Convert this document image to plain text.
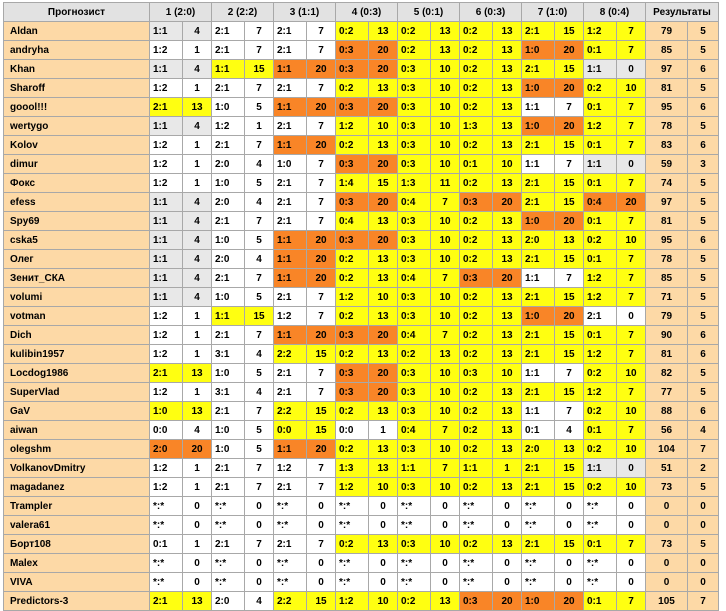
Прогнозист	1 (2:0)		2 (2:2)		3 (1:1)		4 (0:3)		5 (0:1)		6 (0:3)		7 (1:0)		8 (0:4)		Результаты	
Aldan	1:1	4	2:1	7	2:1	7	0:2	13	0:2	13	0:2	13	2:1	15	1:2	7	79	5
andryha	1:2	1	2:1	7	2:1	7	0:3	20	0:2	13	0:2	13	1:0	20	0:1	7	85	5
Khan	1:1	4	1:1	15	1:1	20	0:3	20	0:3	10	0:2	13	2:1	15	1:1	0	97	6
Sharoff	1:2	1	2:1	7	2:1	7	0:2	13	0:3	10	0:2	13	1:0	20	0:2	10	81	5
goool!!!	2:1	13	1:0	5	1:1	20	0:3	20	0:3	10	0:2	13	1:1	7	0:1	7	95	6
wertygo	1:1	4	1:2	1	2:1	7	1:2	10	0:3	10	1:3	13	1:0	20	1:2	7	78	5
Kolov	1:2	1	2:1	7	1:1	20	0:2	13	0:3	10	0:2	13	2:1	15	0:1	7	83	6
dimur	1:2	1	2:0	4	1:0	7	0:3	20	0:3	10	0:1	10	1:1	7	1:1	0	59	3
Фокс	1:2	1	1:0	5	2:1	7	1:4	15	1:3	11	0:2	13	2:1	15	0:1	7	74	5
efess	1:1	4	2:0	4	2:1	7	0:3	20	0:4	7	0:3	20	2:1	15	0:4	20	97	5
Spy69	1:1	4	2:1	7	2:1	7	0:4	13	0:3	10	0:2	13	1:0	20	0:1	7	81	5
cska5	1:1	4	1:0	5	1:1	20	0:3	20	0:3	10	0:2	13	2:0	13	0:2	10	95	6
Олег	1:1	4	2:0	4	1:1	20	0:2	13	0:3	10	0:2	13	2:1	15	0:1	7	78	5
Зенит_СКА	1:1	4	2:1	7	1:1	20	0:2	13	0:4	7	0:3	20	1:1	7	1:2	7	85	5
volumi	1:1	4	1:0	5	2:1	7	1:2	10	0:3	10	0:2	13	2:1	15	1:2	7	71	5
votman	1:2	1	1:1	15	1:2	7	0:2	13	0:3	10	0:2	13	1:0	20	2:1	0	79	5
Dich	1:2	1	2:1	7	1:1	20	0:3	20	0:4	7	0:2	13	2:1	15	0:1	7	90	6
kulibin1957	1:2	1	3:1	4	2:2	15	0:2	13	0:2	13	0:2	13	2:1	15	1:2	7	81	6
Locdog1986	2:1	13	1:0	5	2:1	7	0:3	20	0:3	10	0:3	10	1:1	7	0:2	10	82	5
SuperVlad	1:2	1	3:1	4	2:1	7	0:3	20	0:3	10	0:2	13	2:1	15	1:2	7	77	5
GaV	1:0	13	2:1	7	2:2	15	0:2	13	0:3	10	0:2	13	1:1	7	0:2	10	88	6
aiwan	0:0	4	1:0	5	0:0	15	0:0	1	0:4	7	0:2	13	0:1	4	0:1	7	56	4
olegshm	2:0	20	1:0	5	1:1	20	0:2	13	0:3	10	0:2	13	2:0	13	0:2	10	104	7
VolkanovDmitry	1:2	1	2:1	7	1:2	7	1:3	13	1:1	7	1:1	1	2:1	15	1:1	0	51	2
magadanez	1:2	1	2:1	7	2:1	7	1:2	10	0:3	10	0:2	13	2:1	15	0:2	10	73	5
Trampler	*:*	0	*:*	0	*:*	0	*:*	0	*:*	0	*:*	0	*:*	0	*:*	0	0	0
valera61	*:*	0	*:*	0	*:*	0	*:*	0	*:*	0	*:*	0	*:*	0	*:*	0	0	0
Борт108	0:1	1	2:1	7	2:1	7	0:2	13	0:3	10	0:2	13	2:1	15	0:1	7	73	5
Malex	*:*	0	*:*	0	*:*	0	*:*	0	*:*	0	*:*	0	*:*	0	*:*	0	0	0
VIVA	*:*	0	*:*	0	*:*	0	*:*	0	*:*	0	*:*	0	*:*	0	*:*	0	0	0
Predictors-3	2:1	13	2:0	4	2:2	15	1:2	10	0:2	13	0:3	20	1:0	20	0:1	7	105	7
